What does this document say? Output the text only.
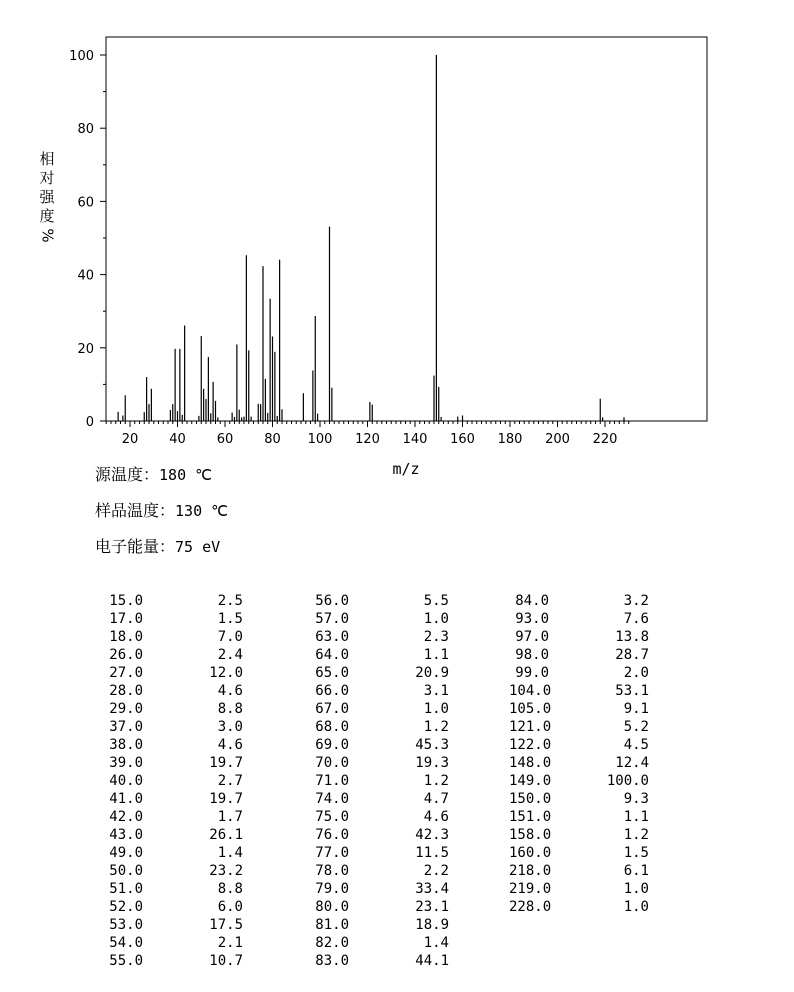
0
20
40
60
80
100
20 40 60 80 100 120 140 160 180 200 220
m/z
相
对
强
度
%
源温度：180 ℃
样品温度：130 ℃
电子能量：75 eV
15.0	2.5
17.0	1.5
18.0	7.0
26.0	2.4
27.0	12.0
28.0	4.6
29.0	8.8
37.0	3.0
38.0	4.6
39.0	19.7
40.0	2.7
41.0	19.7
42.0	1.7
43.0	26.1
49.0	1.4
50.0	23.2
51.0	8.8
52.0	6.0
53.0	17.5
54.0	2.1
55.0	10.7
56.0	5.5
57.0	1.0
63.0	2.3
64.0	1.1
65.0	20.9
66.0	3.1
67.0	1.0
68.0	1.2
69.0	45.3
70.0	19.3
71.0	1.2
74.0	4.7
75.0	4.6
76.0	42.3
77.0	11.5
78.0	2.2
79.0	33.4
80.0	23.1
81.0	18.9
82.0	1.4
83.0	44.1
84.0	3.2
93.0	7.6
97.0	13.8
98.0	28.7
99.0	2.0
104.0	53.1
105.0	9.1
121.0	5.2
122.0	4.5
148.0	12.4
149.0	100.0
150.0	9.3
151.0	1.1
158.0	1.2
160.0	1.5
218.0	6.1
219.0	1.0
228.0	1.0
